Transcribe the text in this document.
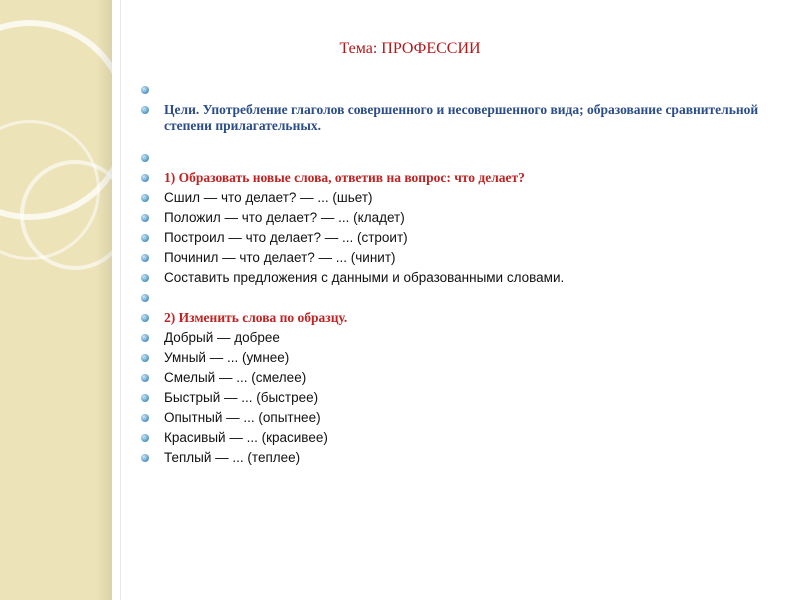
Тема: ПРОФЕССИИ
Цели. Употребление глаголов совершенного и несовершенного вида; образование сравнительной степени прилагательных.
1) Образовать новые слова, ответив на вопрос: что делает?
Сшил — что делает? — ... (шьет)
Положил — что делает? — ... (кладет)
Построил — что делает? — ... (строит)
Починил — что делает? — ... (чинит)
Составить предложения с данными и образованными словами.
2) Изменить слова по образцу.
Добрый — добрее
Умный — ... (умнее)
Смелый — ... (смелее)
Быстрый — ... (быстрее)
Опытный — ... (опытнее)
Красивый — ... (красивее)
Теплый — ... (теплее)
